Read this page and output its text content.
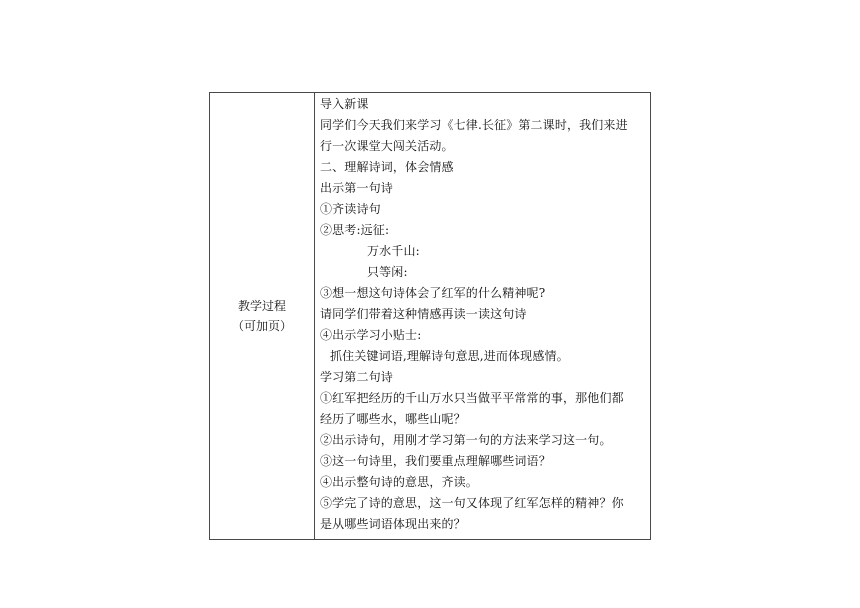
教学过程
（可加页）
导入新课
同学们今天我们来学习《七律.长征》第二课时，我们来进
行一次课堂大闯关活动。
二、理解诗词，体会情感
出示第一句诗
①齐读诗句
②思考:远征:
万水千山:
只等闲:
③想一想这句诗体会了红军的什么精神呢?
请同学们带着这种情感再读一读这句诗
④出示学习小贴士:
抓住关键词语,理解诗句意思,进而体现感情。
学习第二句诗
①红军把经历的千山万水只当做平平常常的事，那他们都
经历了哪些水，哪些山呢？
②出示诗句，用刚才学习第一句的方法来学习这一句。
③这一句诗里，我们要重点理解哪些词语？
④出示整句诗的意思，齐读。
⑤学完了诗的意思，这一句又体现了红军怎样的精神？你
是从哪些词语体现出来的？
